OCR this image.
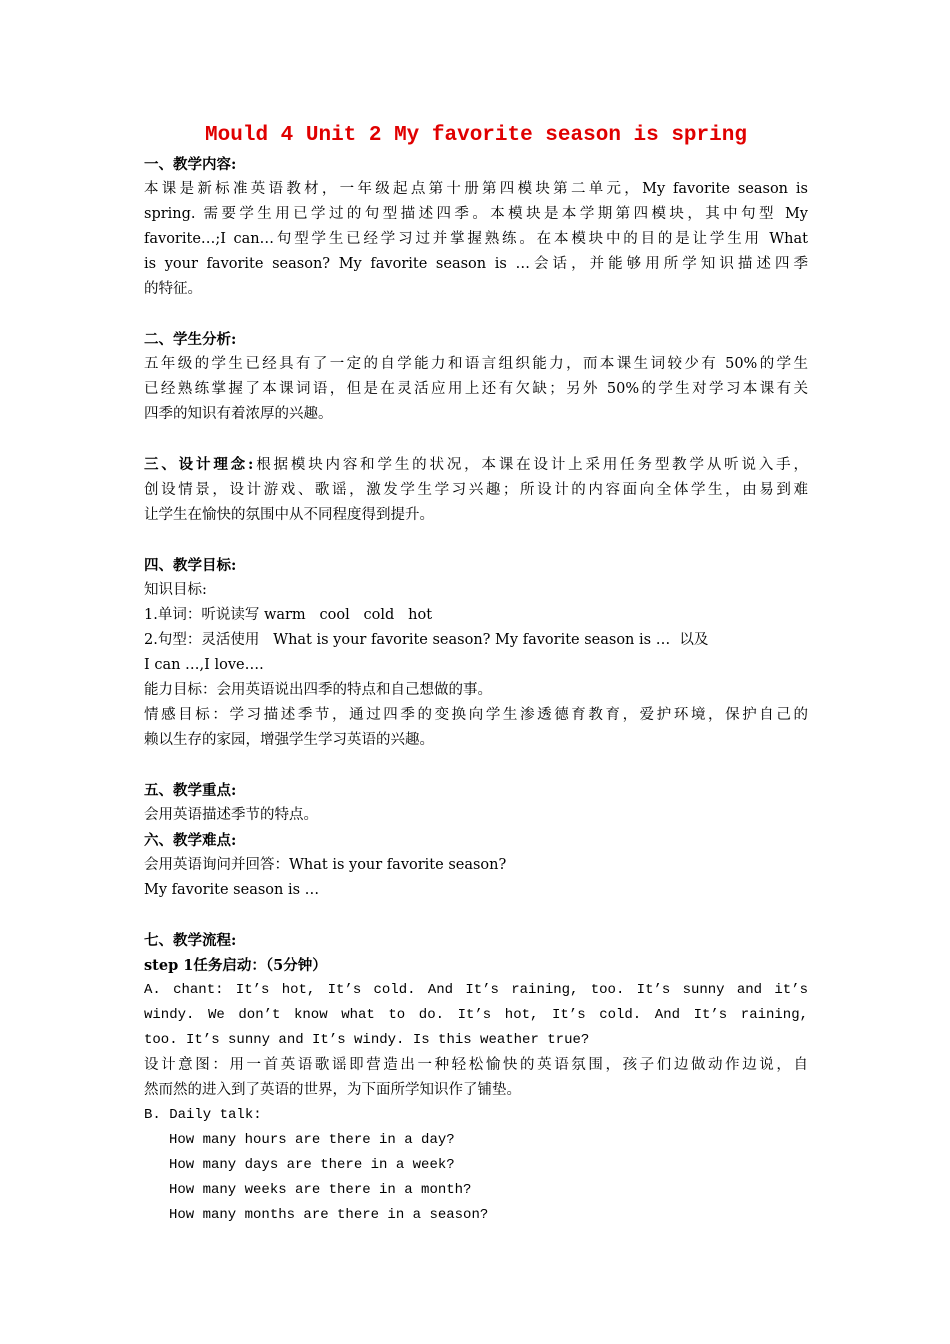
Mould 4 Unit 2 My favorite season is spring

一、教学内容:

本课是新标准英语教材，一年级起点第十册第四模块第二单元，My favorite season is

spring. 需要学生用已学过的句型描述四季。本模块是本学期第四模块，其中句型 My

favorite…;I can…句型学生已经学习过并掌握熟练。在本模块中的目的是让学生用 What

is your favorite season? My favorite season is …会话，并能够用所学知识描述四季

的特征。

二、学生分析:

五年级的学生已经具有了一定的自学能力和语言组织能力，而本课生词较少有 50%的学生

已经熟练掌握了本课词语，但是在灵活应用上还有欠缺；另外 50%的学生对学习本课有关

四季的知识有着浓厚的兴趣。

三、设计理念:根据模块内容和学生的状况，本课在设计上采用任务型教学从听说入手，

创设情景，设计游戏、歌谣，激发学生学习兴趣；所设计的内容面向全体学生，由易到难

让学生在愉快的氛围中从不同程度得到提升。

四、教学目标:

知识目标:

1.单词：听说读写 warm   cool   cold   hot

2.句型：灵活使用   What is your favorite season? My favorite season is …  以及

I can …,I love….

能力目标：会用英语说出四季的特点和自己想做的事。

情感目标：学习描述季节，通过四季的变换向学生渗透德育教育，爱护环境，保护自己的

赖以生存的家园，增强学生学习英语的兴趣。

五、教学重点:

会用英语描述季节的特点。

六、教学难点:

会用英语询问并回答：What is your favorite season?

My favorite season is …

七、教学流程:

step 1任务启动：（5分钟）

A. chant: It’s hot, It’s cold. And It’s raining, too. It’s sunny and it’s

windy. We don’t know what to do. It’s hot, It’s cold. And It’s raining,

too. It’s sunny and It’s windy. Is this weather true?

设计意图：用一首英语歌谣即营造出一种轻松愉快的英语氛围，孩子们边做动作边说，自

然而然的进入到了英语的世界，为下面所学知识作了铺垫。

B. Daily talk:

How many hours are there in a day?

How many days are there in a week?

How many weeks are there in a month?

How many months are there in a season?
